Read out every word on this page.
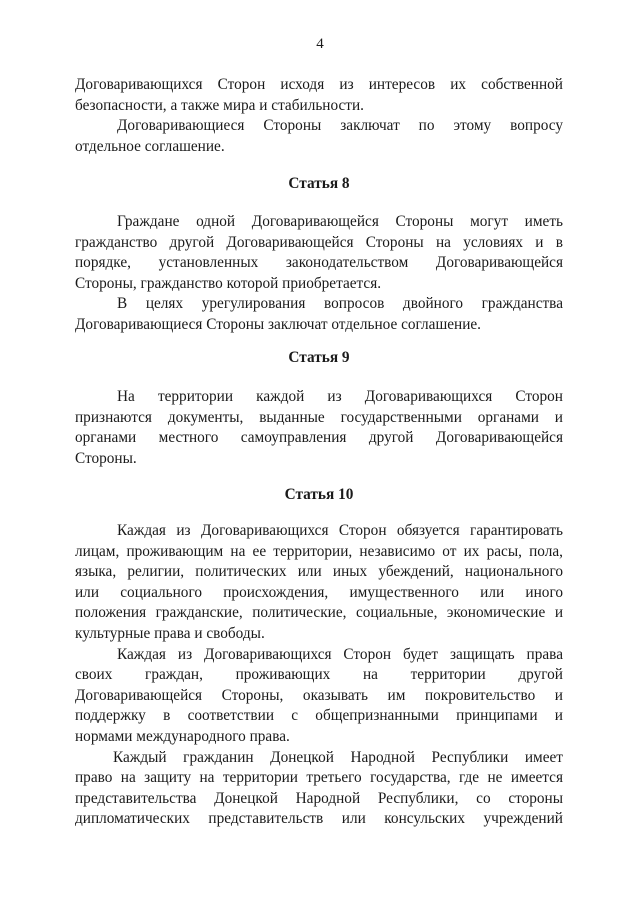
4
Договаривающихся Сторон исходя из интересов их собственной
безопасности, а также мира и стабильности.
Договаривающиеся Стороны заключат по этому вопросу
отдельное соглашение.
Статья 8
Граждане одной Договаривающейся Стороны могут иметь
гражданство другой Договаривающейся Стороны на условиях и в
порядке, установленных законодательством Договаривающейся
Стороны, гражданство которой приобретается.
В целях урегулирования вопросов двойного гражданства
Договаривающиеся Стороны заключат отдельное соглашение.
Статья 9
На территории каждой из Договаривающихся Сторон
признаются документы, выданные государственными органами и
органами местного самоуправления другой Договаривающейся
Стороны.
Статья 10
Каждая из Договаривающихся Сторон обязуется гарантировать
лицам, проживающим на ее территории, независимо от их расы, пола,
языка, религии, политических или иных убеждений, национального
или социального происхождения, имущественного или иного
положения гражданские, политические, социальные, экономические и
культурные права и свободы.
Каждая из Договаривающихся Сторон будет защищать права
своих граждан, проживающих на территории другой
Договаривающейся Стороны, оказывать им покровительство и
поддержку в соответствии с общепризнанными принципами и
нормами международного права.
Каждый гражданин Донецкой Народной Республики имеет
право на защиту на территории третьего государства, где не имеется
представительства Донецкой Народной Республики, со стороны
дипломатических представительств или консульских учреждений
